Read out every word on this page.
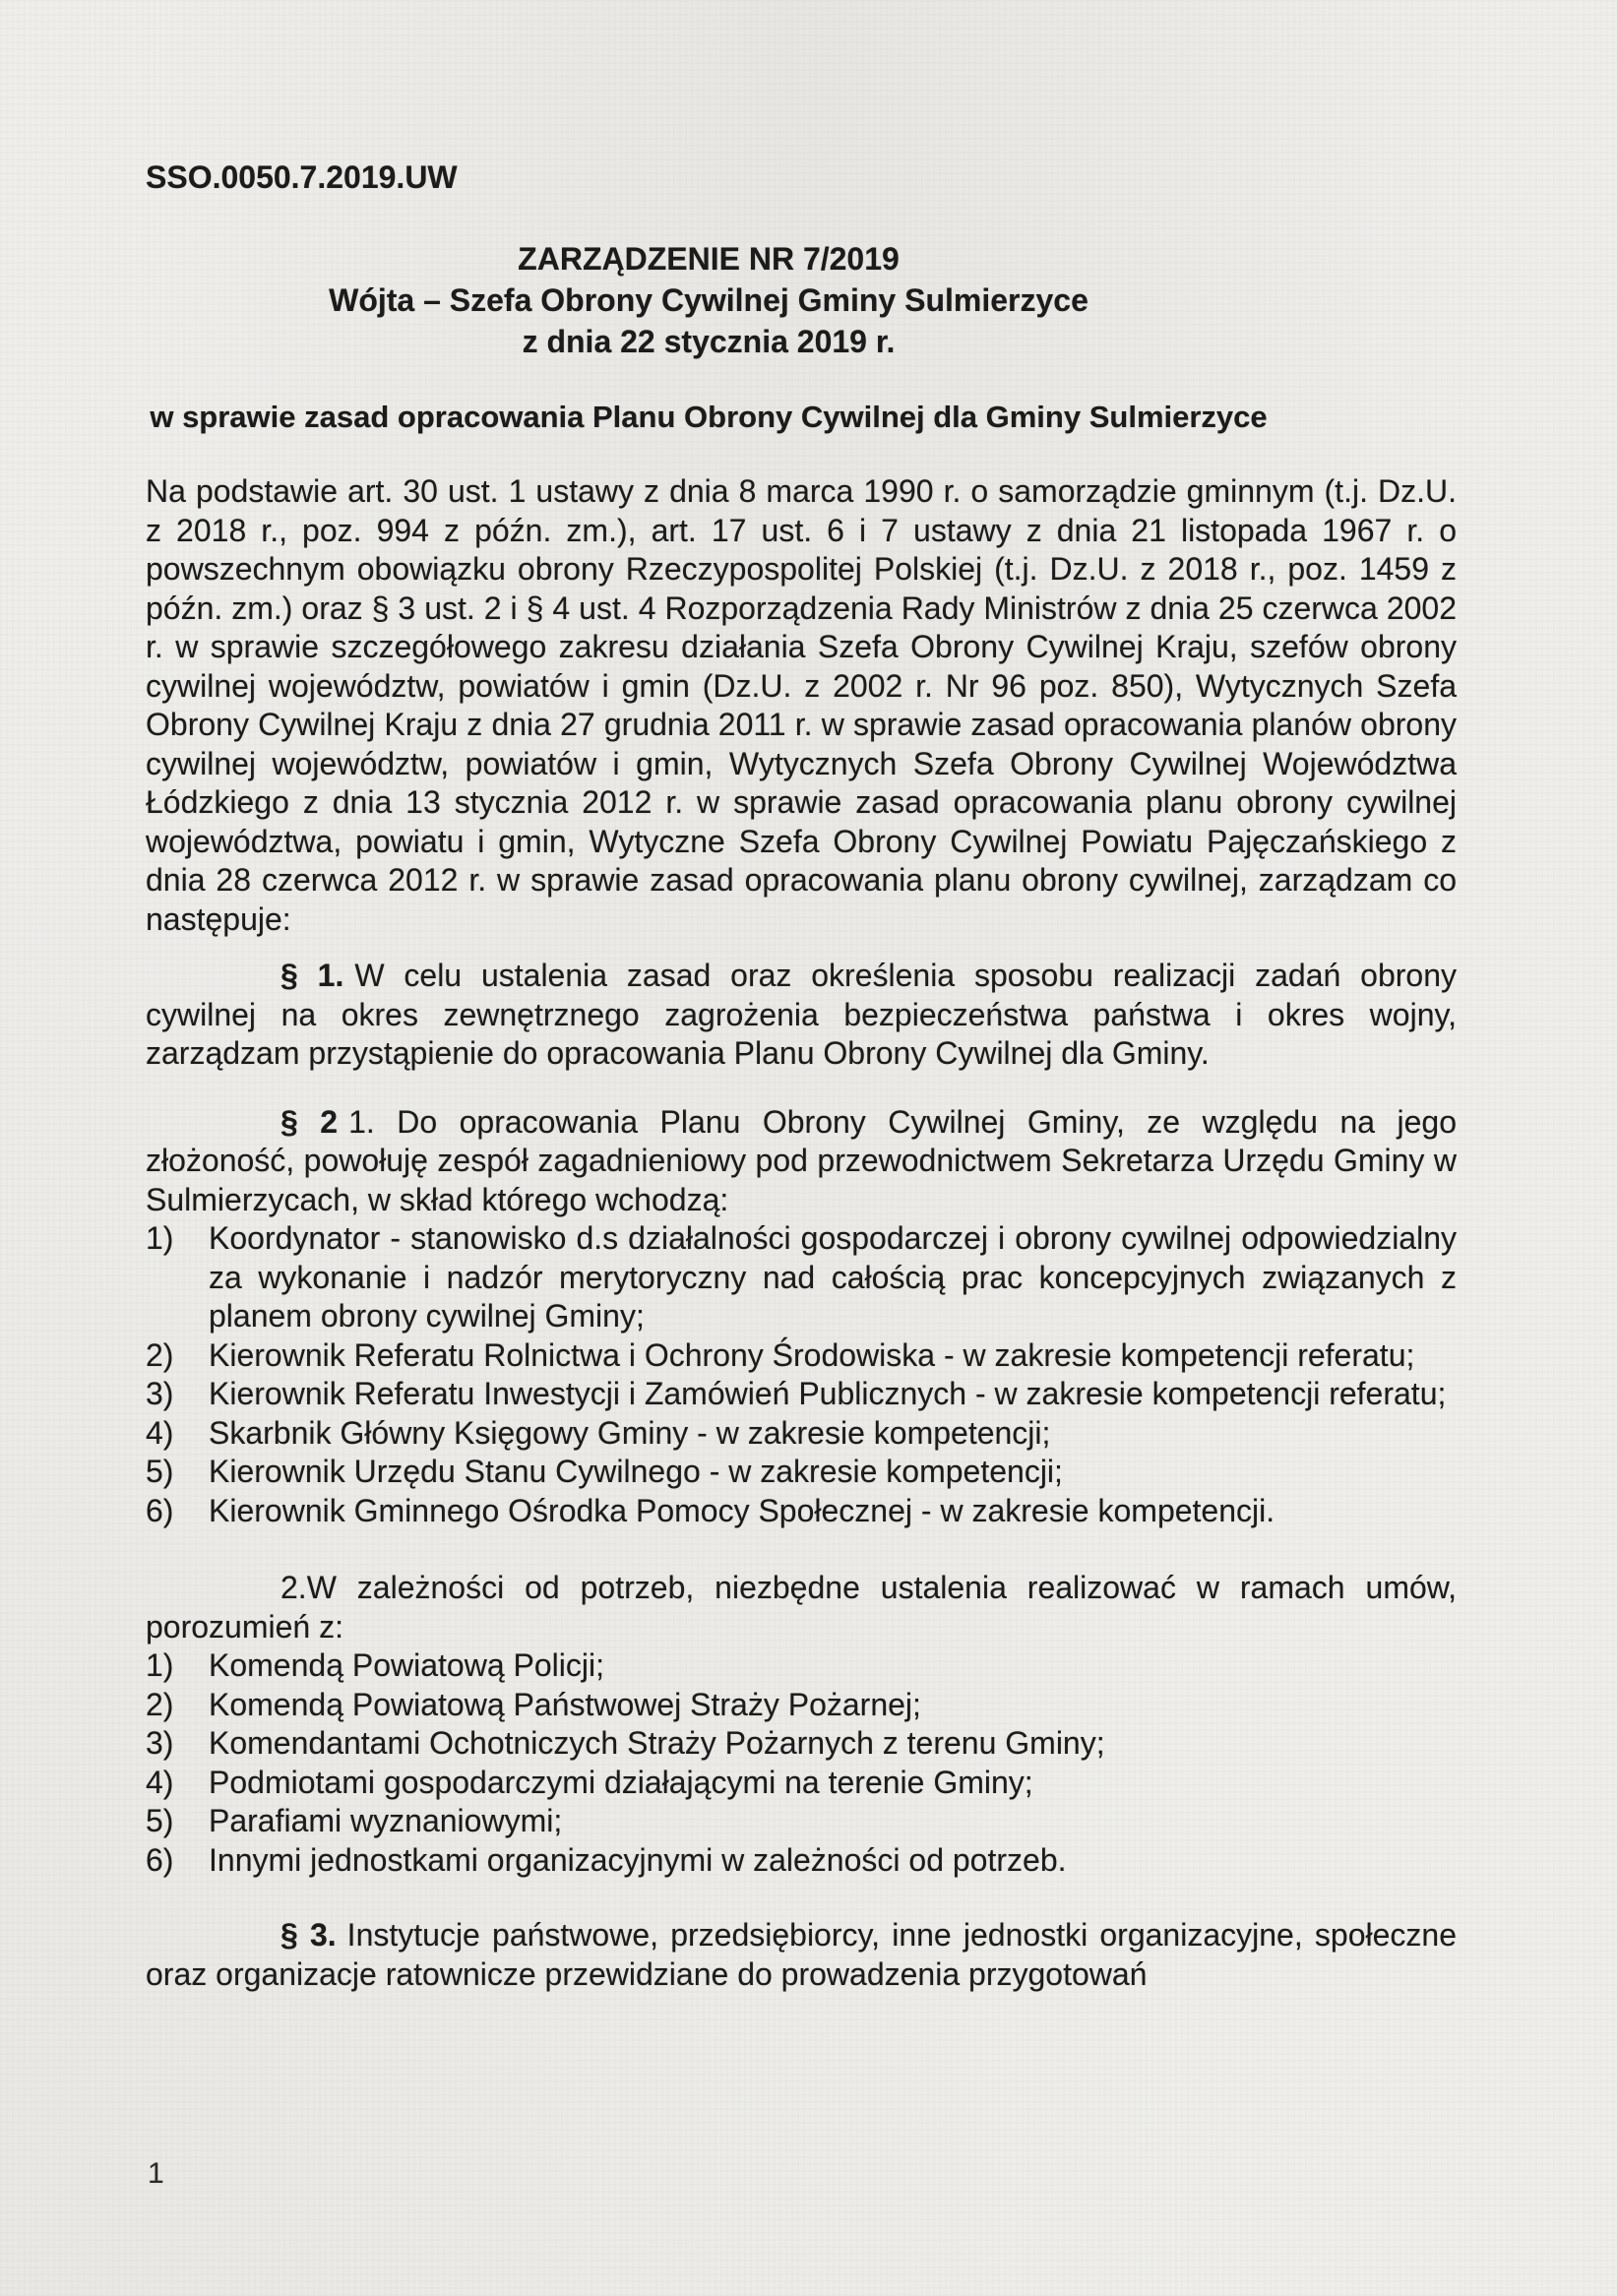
SSO.0050.7.2019.UW
ZARZĄDZENIE NR 7/2019
Wójta – Szefa Obrony Cywilnej Gminy Sulmierzyce
z dnia 22 stycznia 2019 r.
w sprawie zasad opracowania Planu Obrony Cywilnej dla Gminy Sulmierzyce

Na podstawie art. 30 ust. 1 ustawy z dnia 8 marca 1990 r. o samorządzie gminnym (t.j. Dz.U. z 2018 r., poz. 994 z późn. zm.), art. 17 ust. 6 i 7 ustawy z dnia 21 listopada 1967 r. o powszechnym obowiązku obrony Rzeczypospolitej Polskiej (t.j. Dz.U. z 2018 r., poz. 1459 z późn. zm.) oraz § 3 ust. 2 i § 4 ust. 4 Rozporządzenia Rady Ministrów z dnia 25 czerwca 2002 r. w sprawie szczegółowego zakresu działania Szefa Obrony Cywilnej Kraju, szefów obrony cywilnej województw, powiatów i gmin (Dz.U. z 2002 r. Nr 96 poz. 850), Wytycznych Szefa Obrony Cywilnej Kraju z dnia 27 grudnia 2011 r. w sprawie zasad opracowania planów obrony cywilnej województw, powiatów i gmin, Wytycznych Szefa Obrony Cywilnej Województwa Łódzkiego z dnia 13 stycznia 2012 r. w sprawie zasad opracowania planu obrony cywilnej województwa, powiatu i gmin, Wytyczne Szefa Obrony Cywilnej Powiatu Pajęczańskiego z dnia 28 czerwca 2012 r. w sprawie zasad opracowania planu obrony cywilnej, zarządzam co następuje:

§ 1. W celu ustalenia zasad oraz określenia sposobu realizacji zadań obrony cywilnej na okres zewnętrznego zagrożenia bezpieczeństwa państwa i okres wojny, zarządzam przystąpienie do opracowania Planu Obrony Cywilnej dla Gminy.

§ 2 1. Do opracowania Planu Obrony Cywilnej Gminy, ze względu na jego złożoność, powołuję zespół zagadnieniowy pod przewodnictwem Sekretarza Urzędu Gminy w Sulmierzycach, w skład którego wchodzą:

1) Koordynator - stanowisko d.s działalności gospodarczej i obrony cywilnej odpowiedzialny za wykonanie i nadzór merytoryczny nad całością prac koncepcyjnych związanych z planem obrony cywilnej Gminy;
2) Kierownik Referatu Rolnictwa i Ochrony Środowiska - w zakresie kompetencji referatu;
3) Kierownik Referatu Inwestycji i Zamówień Publicznych - w zakresie kompetencji referatu;
4) Skarbnik Główny Księgowy Gminy - w zakresie kompetencji;
5) Kierownik Urzędu Stanu Cywilnego - w zakresie kompetencji;
6) Kierownik Gminnego Ośrodka Pomocy Społecznej - w zakresie kompetencji.

2.W zależności od potrzeb, niezbędne ustalenia realizować w ramach umów, porozumień z:

1) Komendą Powiatową Policji;
2) Komendą Powiatową Państwowej Straży Pożarnej;
3) Komendantami Ochotniczych Straży Pożarnych z terenu Gminy;
4) Podmiotami gospodarczymi działającymi na terenie Gminy;
5) Parafiami wyznaniowymi;
6) Innymi jednostkami organizacyjnymi w zależności od potrzeb.

§ 3. Instytucje państwowe, przedsiębiorcy, inne jednostki organizacyjne, społeczne oraz organizacje ratownicze przewidziane do prowadzenia przygotowań

1
